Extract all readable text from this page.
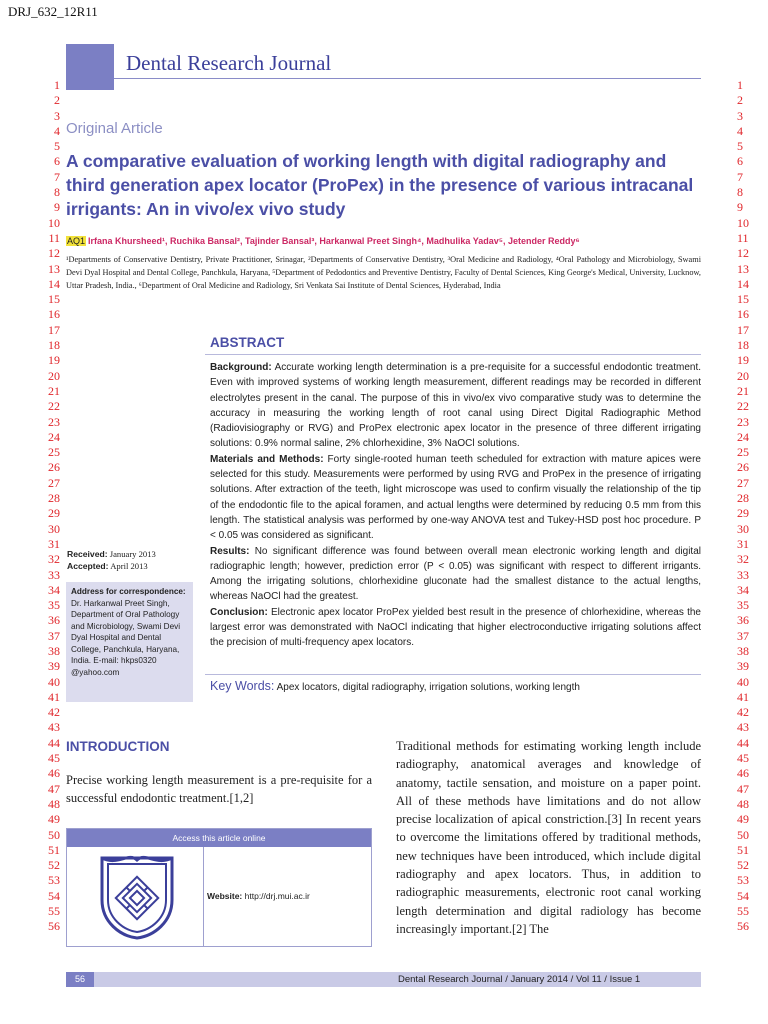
DRJ_632_12R11
Dental Research Journal
1
2
3
4
5
6
7
8
9
10
11
12
13
14
15
16
17
18
19
20
21
22
23
24
25
26
27
28
29
30
31
32
33
34
35
36
37
38
39
40
41
42
43
44
45
46
47
48
49
50
51
52
53
54
55
56
1
2
3
4
5
6
7
8
9
10
11
12
13
14
15
16
17
18
19
20
21
22
23
24
25
26
27
28
29
30
31
32
33
34
35
36
37
38
39
40
41
42
43
44
45
46
47
48
49
50
51
52
53
54
55
56
Original Article
A comparative evaluation of working length with digital radiography and third generation apex locator (ProPex) in the presence of various intracanal irrigants: An in vivo/ex vivo study
AQ1 Irfana Khursheed¹, Ruchika Bansal², Tajinder Bansal³, Harkanwal Preet Singh⁴, Madhulika Yadav⁵, Jetender Reddy⁶
¹Departments of Conservative Dentistry, Private Practitioner, Srinagar, ²Departments of Conservative Dentistry, ³Oral Medicine and Radiology, ⁴Oral Pathology and Microbiology, Swami Devi Dyal Hospital and Dental College, Panchkula, Haryana, ⁵Department of Pedodontics and Preventive Dentistry, Faculty of Dental Sciences, King George's Medical, University, Lucknow, Uttar Pradesh, India., ⁶Department of Oral Medicine and Radiology, Sri Venkata Sai Institute of Dental Sciences, Hyderabad, India
ABSTRACT

Background: Accurate working length determination is a pre-requisite for a successful endodontic treatment. Even with improved systems of working length measurement, different readings may be recorded in different electrolytes present in the canal. The purpose of this in vivo/ex vivo comparative study was to determine the accuracy in measuring the working length of root canal using Direct Digital Radiographic Method (Radiovisiography or RVG) and ProPex electronic apex locator in the presence of three different irrigating solutions: 0.9% normal saline, 2% chlorhexidine, 3% NaOCl solutions.

Materials and Methods: Forty single-rooted human teeth scheduled for extraction with mature apices were selected for this study. Measurements were performed by using RVG and ProPex in the presence of irrigating solutions. After extraction of the teeth, light microscope was used to confirm visually the relationship of the tip of the endodontic file to the apical foramen, and actual lengths were determined by reducing 0.5 mm from this length. The statistical analysis was performed by one-way ANOVA test and Tukey-HSD post hoc procedure. P < 0.05 was considered as significant.

Results: No significant difference was found between overall mean electronic working length and digital radiographic length; however, prediction error (P < 0.05) was significant with respect to different irrigants. Among the irrigating solutions, chlorhexidine gluconate had the smallest distance to the actual lengths, whereas NaOCl had the greatest.

Conclusion: Electronic apex locator ProPex yielded best result in the presence of chlorhexidine, whereas the largest error was demonstrated with NaOCl indicating that higher electroconductive irrigating solutions affect the precision of multi-frequency apex locators.

Key Words: Apex locators, digital radiography, irrigation solutions, working length
Received: January 2013
Accepted: April 2013
Address for correspondence:
Dr. Harkanwal Preet Singh, Department of Oral Pathology and Microbiology, Swami Devi Dyal Hospital and Dental College, Panchkula, Haryana, India. E-mail: hkps0320 @yahoo.com
INTRODUCTION
Precise working length measurement is a pre-requisite for a successful endodontic treatment.[1,2]
Access this article online
Website: http://drj.mui.ac.ir
Traditional methods for estimating working length include radiography, anatomical averages and knowledge of anatomy, tactile sensation, and moisture on a paper point. All of these methods have limitations and do not allow precise localization of apical constriction.[3] In recent years to overcome the limitations offered by traditional methods, new techniques have been introduced, which include digital radiography and apex locators. Thus, in addition to radiographic measurements, electronic root canal working length determination and digital radiology has become increasingly important.[2] The
56	Dental Research Journal / January 2014 / Vol 11 / Issue 1
